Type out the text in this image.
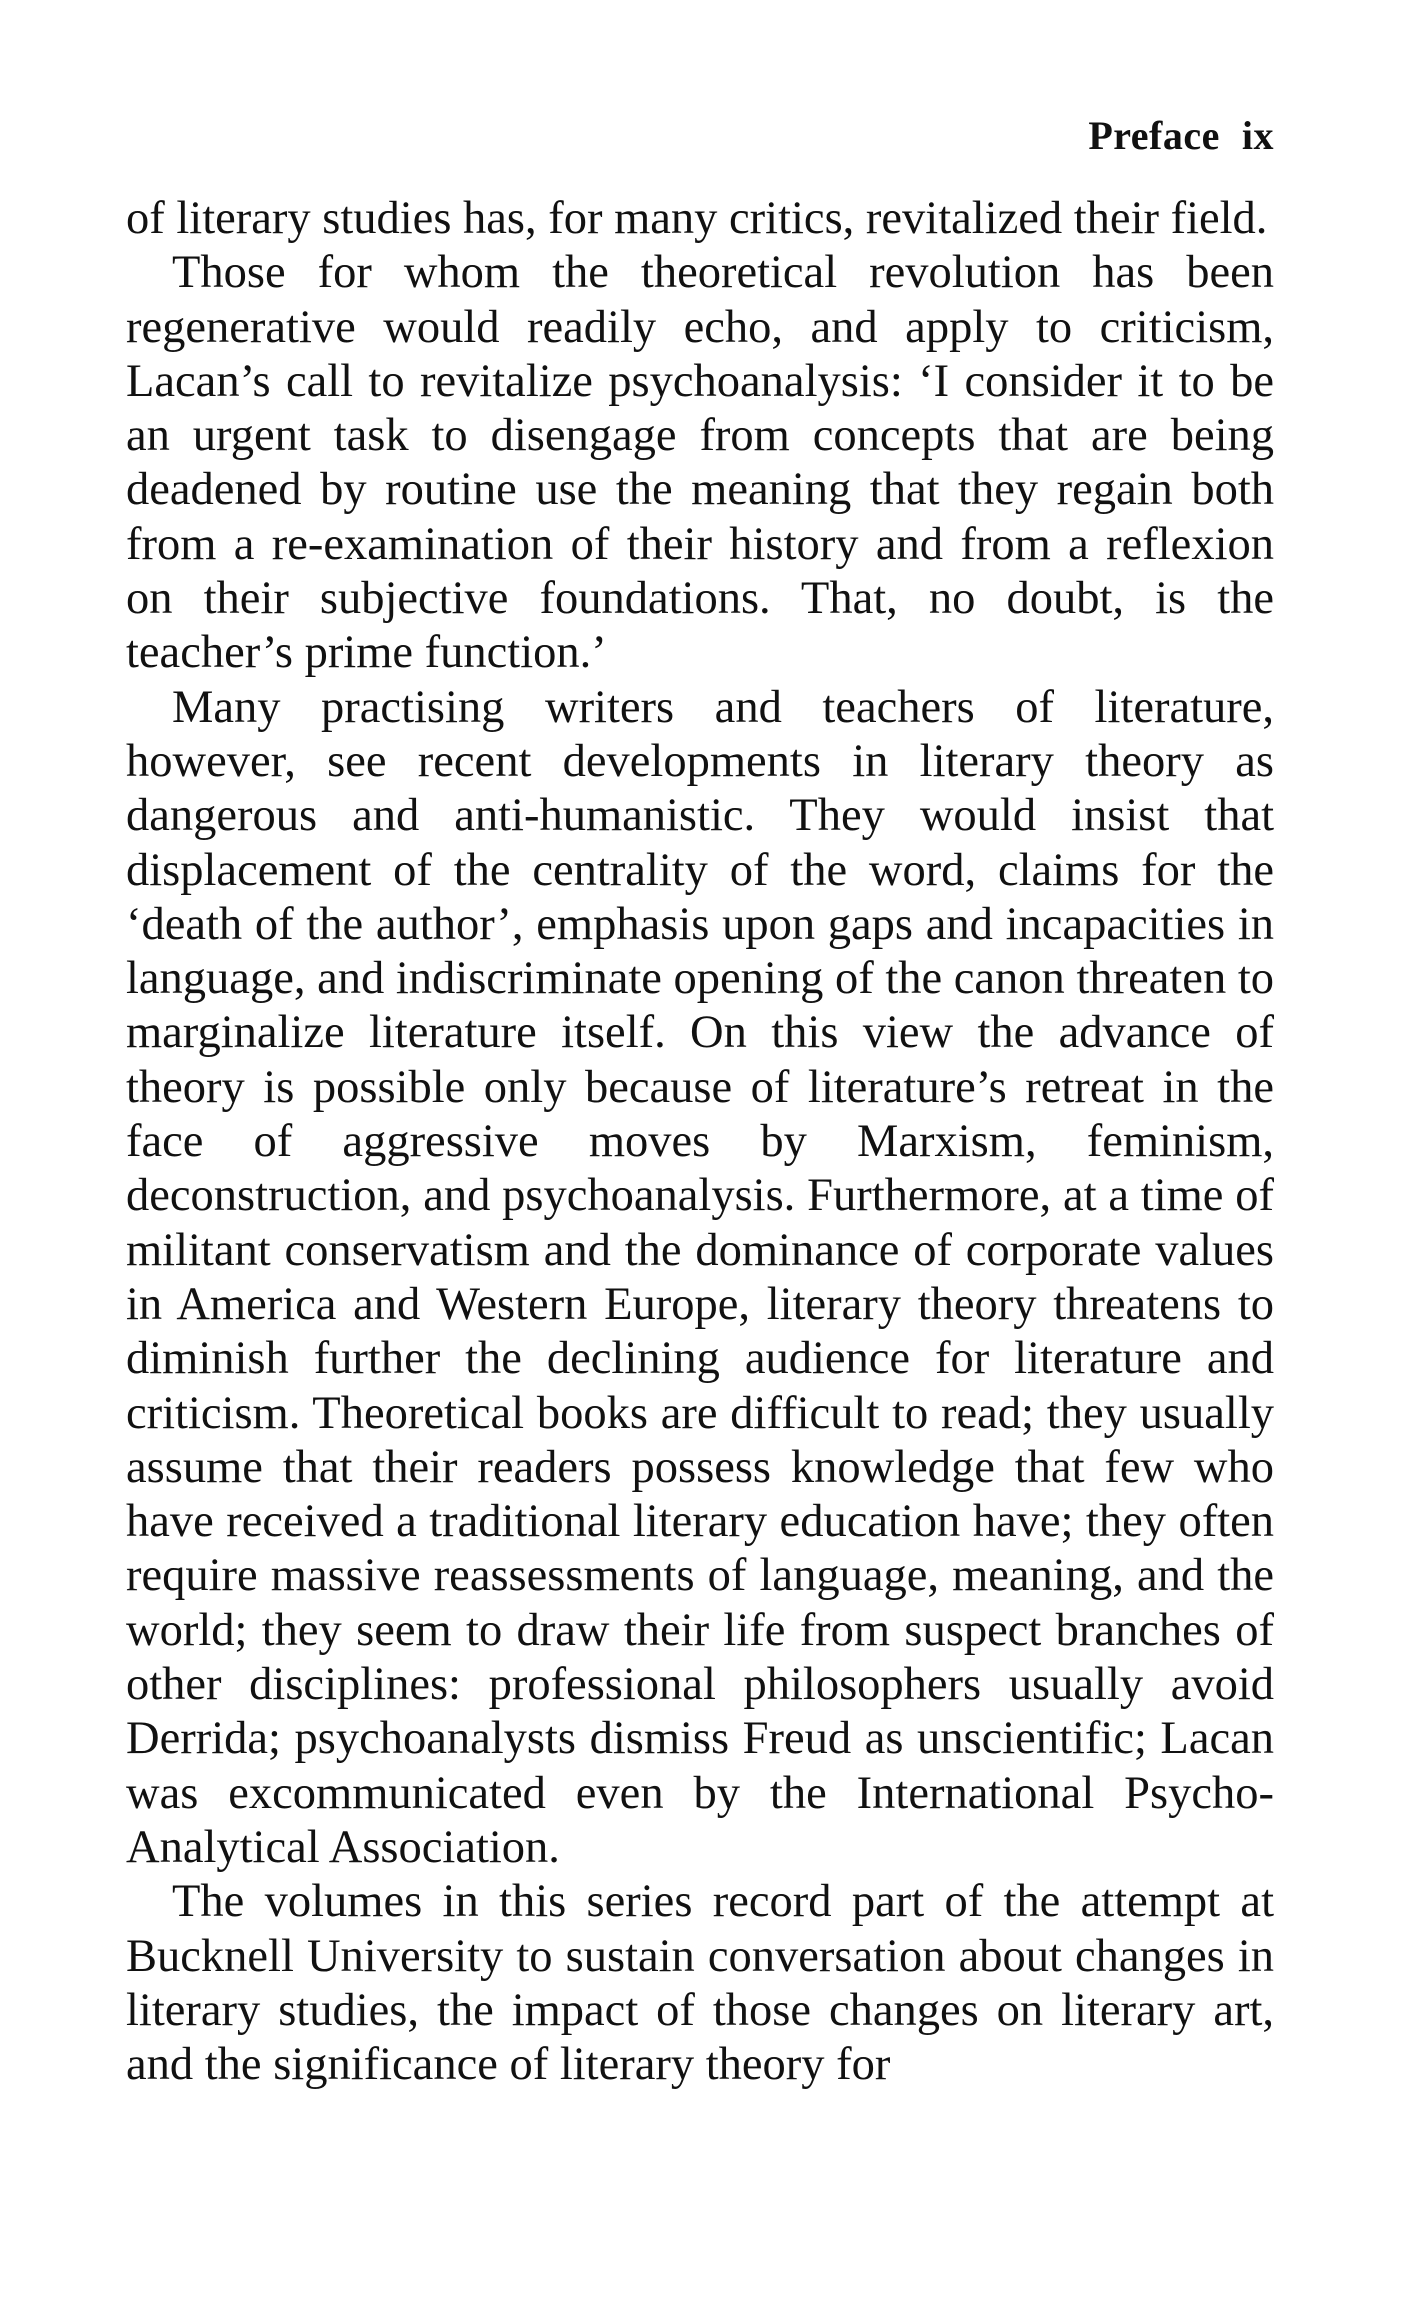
Preface ix

of literary studies has, for many critics, revitalized their field.

Those for whom the theoretical revolution has been regenerative would readily echo, and apply to criticism, Lacan’s call to revitalize psychoanalysis: ‘I consider it to be an urgent task to disengage from concepts that are being deadened by routine use the meaning that they regain both from a re-examination of their history and from a reflexion on their subjective foundations. That, no doubt, is the teacher’s prime function.’

Many practising writers and teachers of literature, however, see recent developments in literary theory as dangerous and anti-humanistic. They would insist that displacement of the centrality of the word, claims for the ‘death of the author’, emphasis upon gaps and incapacities in language, and indiscriminate opening of the canon threaten to marginalize literature itself. On this view the advance of theory is possible only because of literature’s retreat in the face of aggressive moves by Marxism, feminism, deconstruction, and psychoanalysis. Furthermore, at a time of militant conservatism and the dominance of corporate values in America and Western Europe, literary theory threatens to diminish further the declining audience for literature and criticism. Theoretical books are difficult to read; they usually assume that their readers possess knowledge that few who have received a traditional literary education have; they often require massive reassessments of language, meaning, and the world; they seem to draw their life from suspect branches of other disciplines: professional philosophers usually avoid Derrida; psychoanalysts dismiss Freud as unscientific; Lacan was excommunicated even by the International Psycho-Analytical Association.

The volumes in this series record part of the attempt at Bucknell University to sustain conversation about changes in literary studies, the impact of those changes on literary art, and the significance of literary theory for
